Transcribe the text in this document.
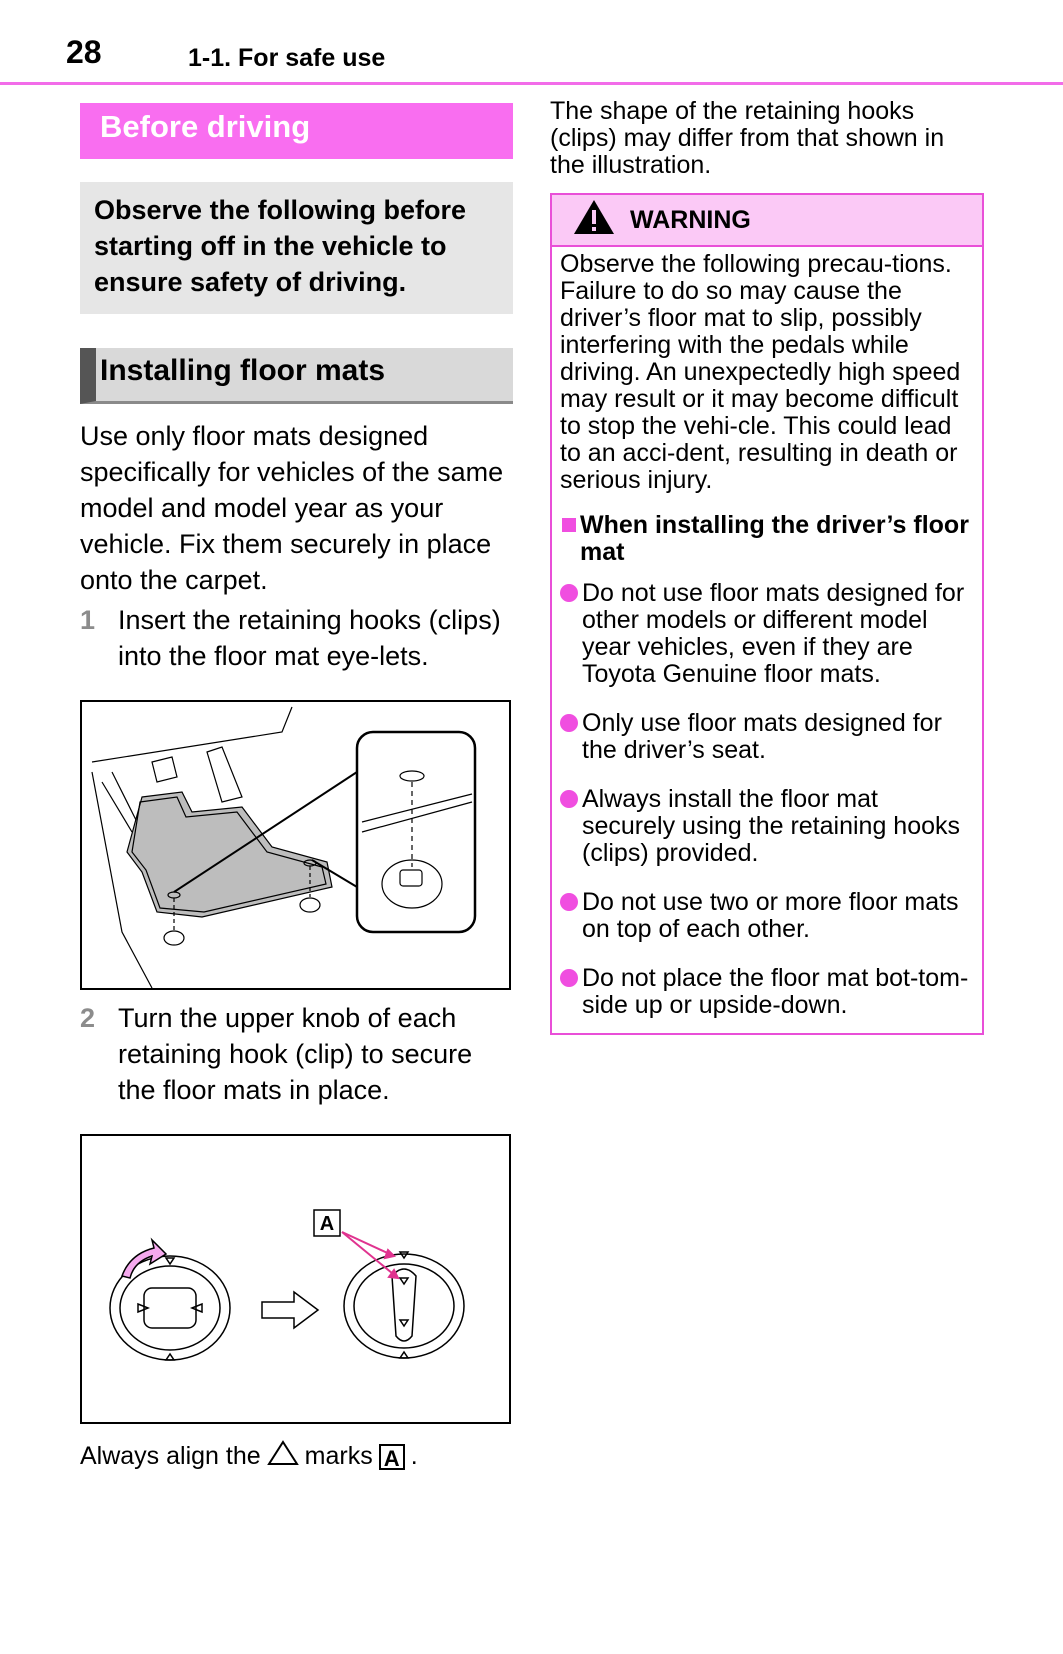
28	1-1. For safe use
Before driving
Observe the following before starting off in the vehicle to ensure safety of driving.
Installing floor mats
Use only floor mats designed specifically for vehicles of the same model and model year as your vehicle. Fix them securely in place onto the carpet.
1 Insert the retaining hooks (clips) into the floor mat eye-lets.
2 Turn the upper knob of each retaining hook (clip) to secure the floor mats in place.
A
Always align the marks A .
The shape of the retaining hooks (clips) may differ from that shown in the illustration.
WARNING
Observe the following precau-tions. Failure to do so may cause the driver’s floor mat to slip, possibly interfering with the pedals while driving. An unexpectedly high speed may result or it may become difficult to stop the vehi-cle. This could lead to an acci-dent, resulting in death or serious injury.
When installing the driver’s floor mat
Do not use floor mats designed for other models or different model year vehicles, even if they are Toyota Genuine floor mats.
Only use floor mats designed for the driver’s seat.
Always install the floor mat securely using the retaining hooks (clips) provided.
Do not use two or more floor mats on top of each other.
Do not place the floor mat bot-tom-side up or upside-down.
